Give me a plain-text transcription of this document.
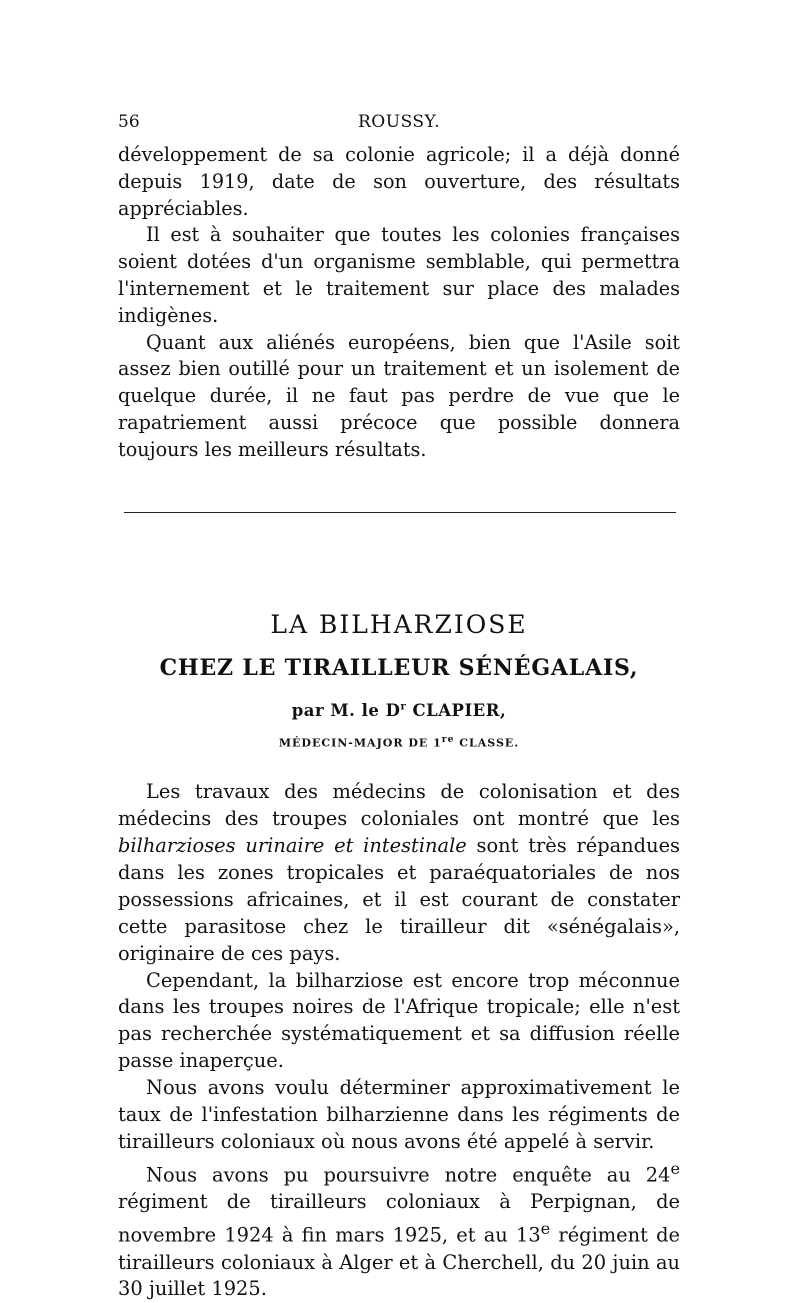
56	ROUSSY.

développement de sa colonie agricole; il a déjà donné depuis 1919, date de son ouverture, des résultats appréciables.

Il est à souhaiter que toutes les colonies françaises soient dotées d'un organisme semblable, qui permettra l'internement et le traitement sur place des malades indigènes.

Quant aux aliénés européens, bien que l'Asile soit assez bien outillé pour un traitement et un isolement de quelque durée, il ne faut pas perdre de vue que le rapatriement aussi précoce que possible donnera toujours les meilleurs résultats.

LA BILHARZIOSE
CHEZ LE TIRAILLEUR SÉNÉGALAIS,
par M. le $D^r$ CLAPIER,
MÉDECIN-MAJOR DE 1re CLASSE.

Les travaux des médecins de colonisation et des médecins des troupes coloniales ont montré que les bilharzioses urinaire et intestinale sont très répandues dans les zones tropicales et paraéquatoriales de nos possessions africaines, et il est courant de constater cette parasitose chez le tirailleur dit «sénégalais», originaire de ces pays.

Cependant, la bilharziose est encore trop méconnue dans les troupes noires de l'Afrique tropicale; elle n'est pas recherchée systématiquement et sa diffusion réelle passe inaperçue.

Nous avons voulu déterminer approximativement le taux de l'infestation bilharzienne dans les régiments de tirailleurs coloniaux où nous avons été appelé à servir.

Nous avons pu poursuivre notre enquête au 24e régiment de tirailleurs coloniaux à Perpignan, de novembre 1924 à fin mars 1925, et au 13e régiment de tirailleurs coloniaux à Alger et à Cherchell, du 20 juin au 30 juillet 1925.
